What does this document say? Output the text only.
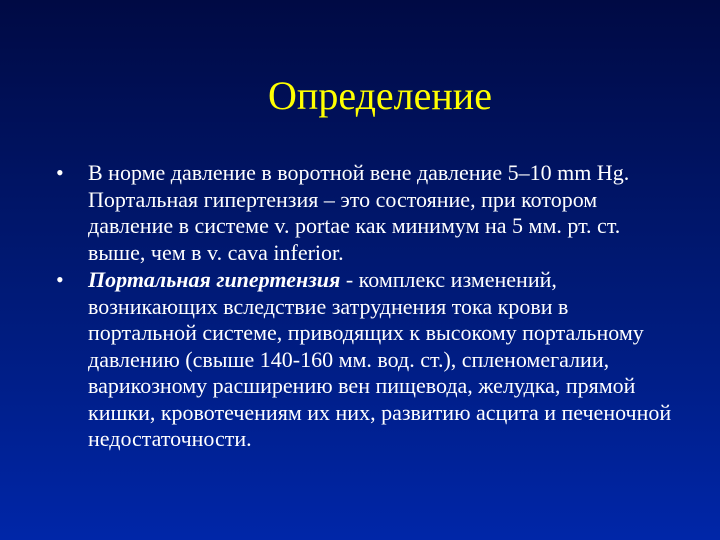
Определение

• В норме давление в воротной вене давление 5–10 mm Hg. Портальная гипертензия – это состояние, при котором давление в системе v. portae как минимум на 5 мм. рт. ст. выше, чем в v. cava inferior.

• Портальная гипертензия - комплекс изменений, возникающих вследствие затруднения тока крови в портальной системе, приводящих к высокому портальному давлению (свыше 140-160 мм. вод. ст.), спленомегалии, варикозному расширению вен пищевода, желудка, прямой кишки, кровотечениям их них, развитию асцита и печеночной недостаточности.
